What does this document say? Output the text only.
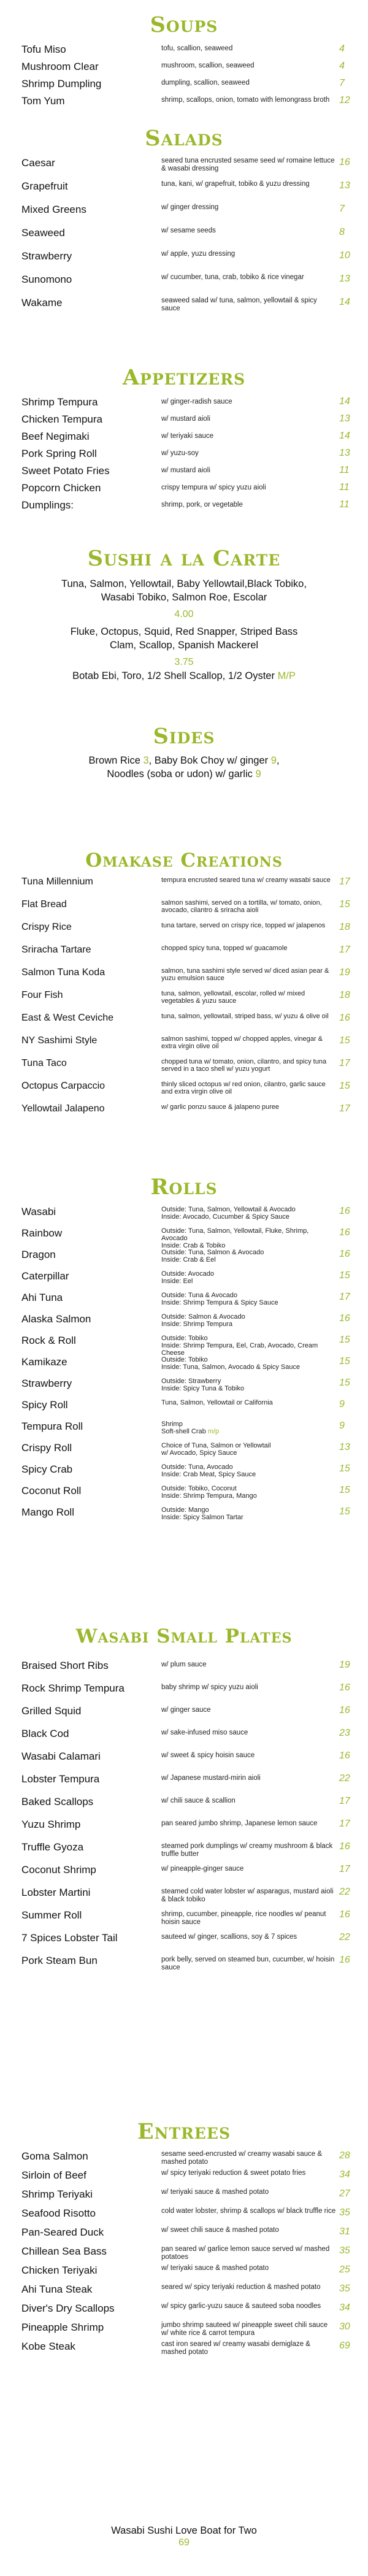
Soups
Tofu Miso	tofu, scallion, seaweed	4
Mushroom Clear	mushroom, scallion, seaweed	4
Shrimp Dumpling	dumpling, scallion, seaweed	7
Tom Yum	shrimp, scallops, onion, tomato with lemongrass broth 12
Salads
Caesar	seared tuna encrusted sesame seed w/ romaine lettuce & wasabi dressing
16
Grapefruit	tuna, kani, w/ grapefruit, tobiko & yuzu dressing	13
Mixed Greens	w/ ginger dressing	7
Seaweed	w/ sesame seeds	8
Strawberry	w/ apple, yuzu dressing	10
Sunomono	w/ cucumber, tuna, crab, tobiko & rice vinegar	13
Wakame	seaweed salad w/ tuna, salmon, yellowtail & spicy sauce
14
Appetizers
Shrimp Tempura	w/ ginger-radish sauce	14
Chicken Tempura	w/ mustard aioli	13
Beef Negimaki	w/ teriyaki sauce	14
Pork Spring Roll	w/ yuzu-soy	13
Sweet Potato Fries	w/ mustard aioli	11
Popcorn Chicken	crispy tempura w/ spicy yuzu aioli	11
Dumplings:	shrimp, pork, or vegetable	11
Sushi a la Carte
Tuna, Salmon, Yellowtail, Baby Yellowtail,Black Tobiko,
Wasabi Tobiko, Salmon Roe, Escolar
4.00
Fluke, Octopus, Squid, Red Snapper, Striped Bass
Clam, Scallop, Spanish Mackerel
3.75
Botab Ebi, Toro, 1/2 Shell Scallop, 1/2 Oyster M/P
Sides
Brown Rice 3, Baby Bok Choy w/ ginger 9,
Noodles (soba or udon) w/ garlic 9
Omakase Creations
Tuna Millennium	tempura encrusted seared tuna w/ creamy wasabi sauce 17
Flat Bread	salmon sashimi, served on a tortilla, w/ tomato, onion, avocado, cilantro & sriracha aioli
15
Crispy Rice	tuna tartare, served on crispy rice, topped w/ jalapenos	18
Sriracha Tartare	chopped spicy tuna, topped w/ guacamole	17
Salmon Tuna Koda	salmon, tuna sashimi style served w/ diced asian pear & yuzu emulsion sauce
19
Four Fish	tuna, salmon, yellowtail, escolar, rolled w/ mixed vegetables & yuzu sauce
18
East & West Ceviche	tuna, salmon, yellowtail, striped bass, w/ yuzu & olive oil	16
NY Sashimi Style	salmon sashimi, topped w/ chopped apples, vinegar & extra virgin olive oil
15
Tuna Taco	chopped tuna w/ tomato, onion, cilantro, and spicy tuna served in a taco shell w/ yuzu yogurt
17
Octopus Carpaccio	thinly sliced octopus w/ red onion, cilantro, garlic sauce and extra virgin olive oil
15
Yellowtail Jalapeno	w/ garlic ponzu sauce & jalapeno puree	17
Rolls
Wasabi	Outside: Tuna, Salmon, Yellowtail & Avocado
Inside: Avocado, Cucumber & Spicy Sauce
16
Rainbow	Outside: Tuna, Salmon, Yellowtail, Fluke, Shrimp, Avocado
Inside: Crab & Tobiko
16
Dragon	Outside: Tuna, Salmon & Avocado
Inside: Crab & Eel
16
Caterpillar	Outside: Avocado
Inside: Eel
15
Ahi Tuna	Outside: Tuna & Avocado
Inside: Shrimp Tempura & Spicy Sauce
17
Alaska Salmon	Outside: Salmon & Avocado
Inside: Shrimp Tempura
16
Rock & Roll	Outside: Tobiko
Inside: Shrimp Tempura, Eel, Crab, Avocado, Cream Cheese
15
Kamikaze	Outside: Tobiko
Inside: Tuna, Salmon, Avocado & Spicy Sauce
15
Strawberry	Outside: Strawberry
Inside: Spicy Tuna & Tobiko
15
Spicy Roll	Tuna, Salmon, Yellowtail or California	9
Tempura Roll	Shrimp
Soft-shell Crab m/p
9
Crispy Roll	Choice of Tuna, Salmon or Yellowtail
w/ Avocado, Spicy Sauce
13
Spicy Crab	Outside: Tuna, Avocado
Inside: Crab Meat, Spicy Sauce
15
Coconut Roll	Outside: Tobiko, Coconut
Inside: Shrimp Tempura, Mango
15
Mango Roll	Outside: Mango
Inside: Spicy Salmon Tartar
15
Wasabi Small Plates
Braised Short Ribs	w/ plum sauce	19
Rock Shrimp Tempura	baby shrimp w/ spicy yuzu aioli	16
Grilled Squid	w/ ginger sauce	16
Black Cod	w/ sake-infused miso sauce	23
Wasabi Calamari	w/ sweet & spicy hoisin sauce	16
Lobster Tempura	w/ Japanese mustard-mirin aioli	22
Baked Scallops	w/ chili sauce & scallion	17
Yuzu Shrimp	pan seared jumbo shrimp, Japanese lemon sauce	17
Truffle Gyoza	steamed pork dumplings w/ creamy mushroom & black truffle butter
16
Coconut Shrimp	w/ pineapple-ginger sauce	17
Lobster Martini	steamed cold water lobster w/ asparagus, mustard aioli & black tobiko
22
Summer Roll	shrimp, cucumber, pineapple, rice noodles w/ peanut hoisin sauce
16
7 Spices Lobster Tail	sauteed w/ ginger, scallions, soy & 7 spices	22
Pork Steam Bun	pork belly, served on steamed bun, cucumber, w/ hoisin sauce
16
Entrees
Goma Salmon	sesame seed-encrusted w/ creamy wasabi sauce & mashed potato
28
Sirloin of Beef	w/ spicy teriyaki reduction & sweet potato fries	34
Shrimp Teriyaki	w/ teriyaki sauce & mashed potato	27
Seafood Risotto	cold water lobster, shrimp & scallops w/ black truffle rice 35
Pan-Seared Duck	w/ sweet chili sauce & mashed potato	31
Chillean Sea Bass	pan seared w/ garlice lemon sauce served w/ mashed potatoes
35
Chicken Teriyaki	w/ teriyaki sauce & mashed potato	25
Ahi Tuna Steak	seared w/ spicy teriyaki reduction & mashed potato	35
Diver's Dry Scallops	w/ spicy garlic-yuzu sauce & sauteed soba noodles	34
Pineapple Shrimp	jumbo shrimp sauteed w/ pineapple sweet chili sauce w/ white rice & carrot tempura
30
Kobe Steak	cast iron seared w/ creamy wasabi demiglaze & mashed potato
69
Wasabi Sushi Love Boat for Two
69
